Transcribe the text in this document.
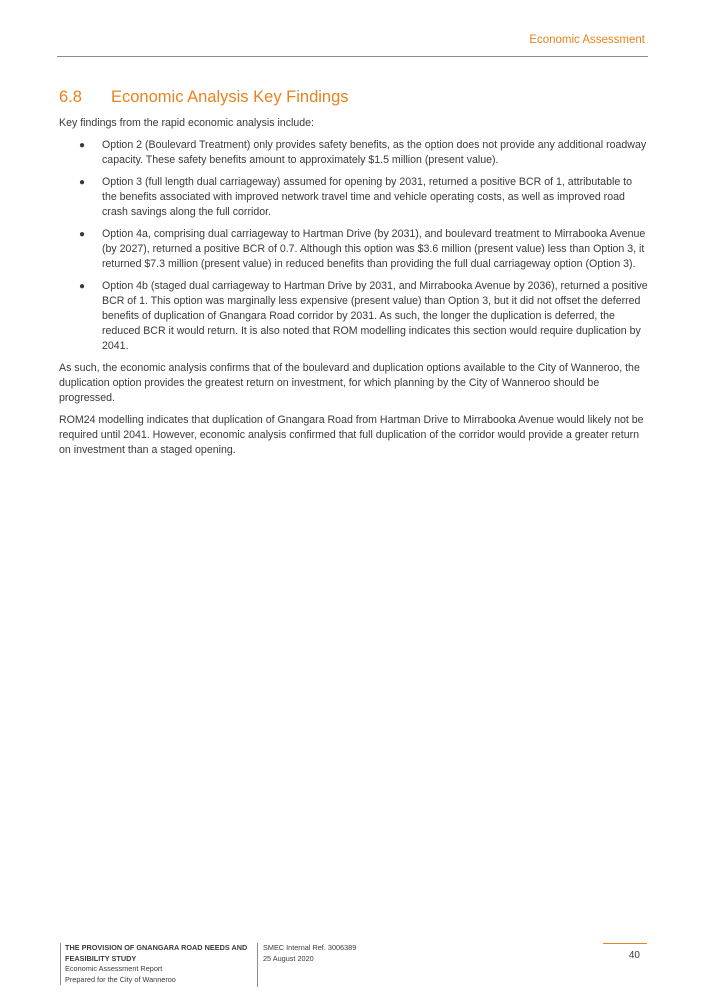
Economic Assessment
6.8 Economic Analysis Key Findings

Key findings from the rapid economic analysis include:

● Option 2 (Boulevard Treatment) only provides safety benefits, as the option does not provide any additional roadway capacity. These safety benefits amount to approximately $1.5 million (present value).
● Option 3 (full length dual carriageway) assumed for opening by 2031, returned a positive BCR of 1, attributable to the benefits associated with improved network travel time and vehicle operating costs, as well as improved road crash savings along the full corridor.
● Option 4a, comprising dual carriageway to Hartman Drive (by 2031), and boulevard treatment to Mirrabooka Avenue (by 2027), returned a positive BCR of 0.7. Although this option was $3.6 million (present value) less than Option 3, it returned $7.3 million (present value) in reduced benefits than providing the full dual carriageway option (Option 3).
● Option 4b (staged dual carriageway to Hartman Drive by 2031, and Mirrabooka Avenue by 2036), returned a positive BCR of 1. This option was marginally less expensive (present value) than Option 3, but it did not offset the deferred benefits of duplication of Gnangara Road corridor by 2031. As such, the longer the duplication is deferred, the reduced BCR it would return. It is also noted that ROM modelling indicates this section would require duplication by 2041.

As such, the economic analysis confirms that of the boulevard and duplication options available to the City of Wanneroo, the duplication option provides the greatest return on investment, for which planning by the City of Wanneroo should be progressed.

ROM24 modelling indicates that duplication of Gnangara Road from Hartman Drive to Mirrabooka Avenue would likely not be required until 2041. However, economic analysis confirmed that full duplication of the corridor would provide a greater return on investment than a staged opening.

THE PROVISION OF GNANGARA ROAD NEEDS AND FEASIBILITY STUDY
Economic Assessment Report
Prepared for the City of Wanneroo
SMEC Internal Ref. 3006389
25 August 2020	40
